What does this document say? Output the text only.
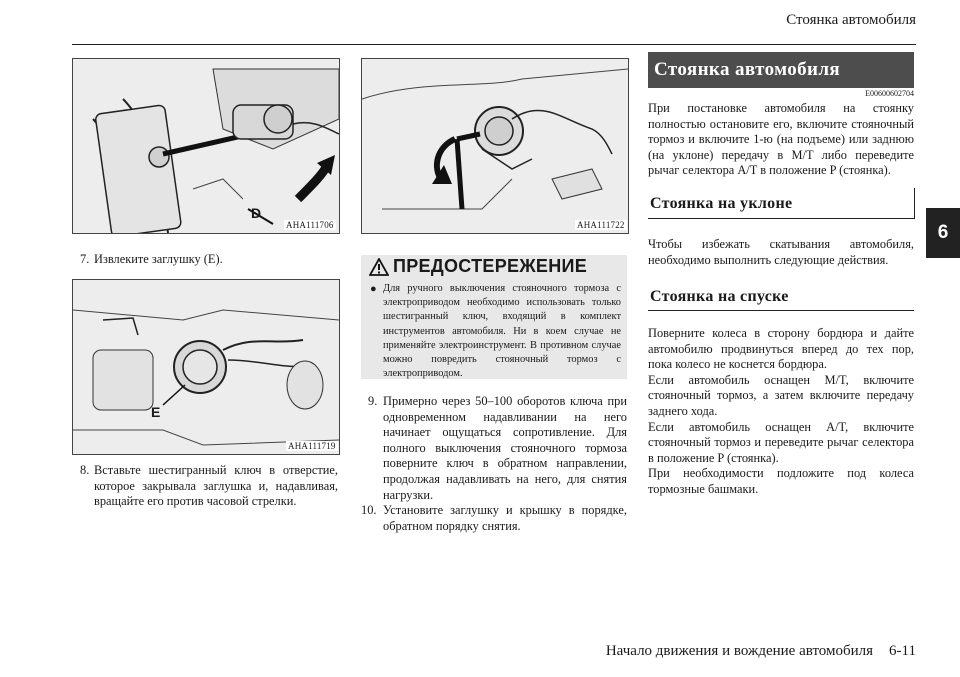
Стоянка автомобиля
6
D
AHA111706	AHA111722
E
AHA111719
7. Извлеките заглушку (E).
8. Вставьте шестигранный ключ в отверстие, которое закрывала заглушка и, надавливая, вращайте его против часовой стрелки.
ПРЕДОСТЕРЕЖЕНИЕ
● Для ручного выключения стояночного тормоза с электроприводом необходимо использовать только шестигранный ключ, входящий в комплект инструментов автомобиля. Ни в коем случае не применяйте электроинструмент. В противном случае можно повредить стояночный тормоз с электроприводом.
9. Примерно через 50–100 оборотов ключа при одновременном надавливании на него начинает ощущаться сопротивление. Для полного выключения стояночного тормоза поверните ключ в обратном направлении, продолжая надавливать на него, для снятия нагрузки.
10. Установите заглушку и крышку в порядке, обратном порядку снятия.
Стоянка автомобиля
E00600602704
При постановке автомобиля на стоянку полностью остановите его, включите стояночный тормоз и включите 1-ю (на подъеме) или заднюю (на уклоне) передачу в M/T либо переведите рычаг селектора A/T в положение P (стоянка).
Стоянка на уклоне
Чтобы избежать скатывания автомобиля, необходимо выполнить следующие действия.
Стоянка на спуске
Поверните колеса в сторону бордюра и дайте автомобилю продвинуться вперед до тех пор, пока колесо не коснется бордюра.
Если автомобиль оснащен M/T, включите стояночный тормоз, а затем включите передачу заднего хода.
Если автомобиль оснащен A/T, включите стояночный тормоз и переведите рычаг селектора в положение P (стоянка).
При необходимости подложите под колеса тормозные башмаки.
Начало движения и вождение автомобиля 6-11
